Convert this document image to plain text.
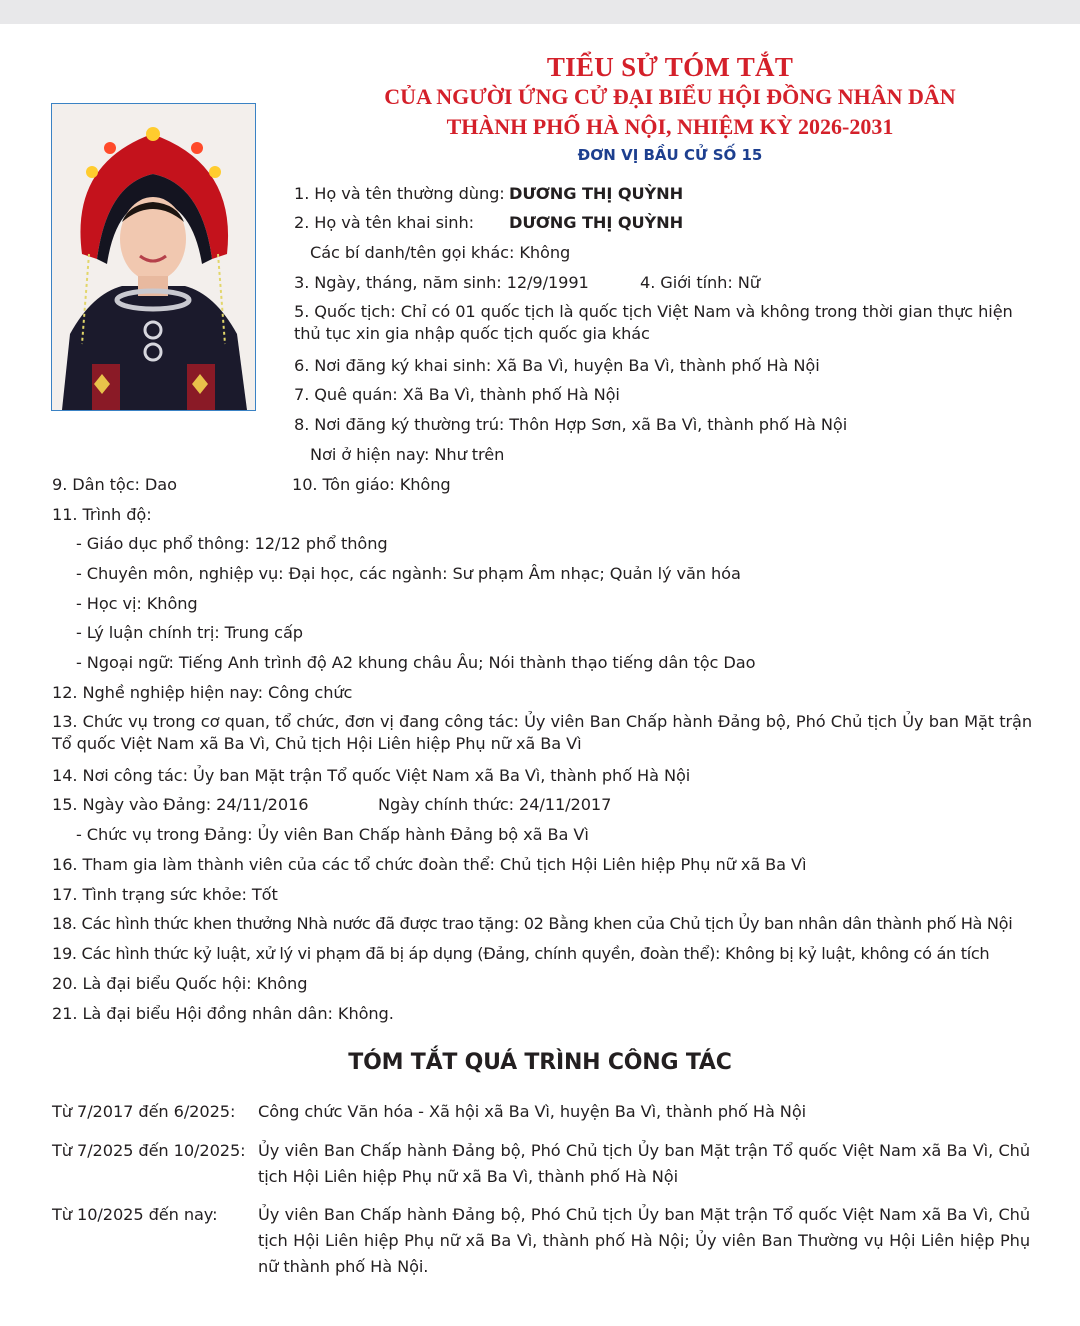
TIỂU SỬ TÓM TẮT
CỦA NGƯỜI ỨNG CỬ ĐẠI BIỂU HỘI ĐỒNG NHÂN DÂN
THÀNH PHỐ HÀ NỘI, NHIỆM KỲ 2026-2031
ĐƠN VỊ BẦU CỬ SỐ 15
1. Họ và tên thường dùng: DƯƠNG THỊ QUỲNH
2. Họ và tên khai sinh: DƯƠNG THỊ QUỲNH
Các bí danh/tên gọi khác: Không
3. Ngày, tháng, năm sinh: 12/9/1991	4. Giới tính: Nữ
5. Quốc tịch: Chỉ có 01 quốc tịch là quốc tịch Việt Nam và không trong thời gian thực hiện thủ tục xin gia nhập quốc tịch quốc gia khác
6. Nơi đăng ký khai sinh: Xã Ba Vì, huyện Ba Vì, thành phố Hà Nội
7. Quê quán: Xã Ba Vì, thành phố Hà Nội
8. Nơi đăng ký thường trú: Thôn Hợp Sơn, xã Ba Vì, thành phố Hà Nội
Nơi ở hiện nay: Như trên
9. Dân tộc: Dao	10. Tôn giáo: Không
11. Trình độ:
- Giáo dục phổ thông: 12/12 phổ thông
- Chuyên môn, nghiệp vụ: Đại học, các ngành: Sư phạm Âm nhạc; Quản lý văn hóa
- Học vị: Không
- Lý luận chính trị: Trung cấp
- Ngoại ngữ: Tiếng Anh trình độ A2 khung châu Âu; Nói thành thạo tiếng dân tộc Dao
12. Nghề nghiệp hiện nay: Công chức
13. Chức vụ trong cơ quan, tổ chức, đơn vị đang công tác: Ủy viên Ban Chấp hành Đảng bộ, Phó Chủ tịch Ủy ban Mặt trận Tổ quốc Việt Nam xã Ba Vì, Chủ tịch Hội Liên hiệp Phụ nữ xã Ba Vì
14. Nơi công tác: Ủy ban Mặt trận Tổ quốc Việt Nam xã Ba Vì, thành phố Hà Nội
15. Ngày vào Đảng: 24/11/2016	Ngày chính thức: 24/11/2017
- Chức vụ trong Đảng: Ủy viên Ban Chấp hành Đảng bộ xã Ba Vì
16. Tham gia làm thành viên của các tổ chức đoàn thể: Chủ tịch Hội Liên hiệp Phụ nữ xã Ba Vì
17. Tình trạng sức khỏe: Tốt
18. Các hình thức khen thưởng Nhà nước đã được trao tặng: 02 Bằng khen của Chủ tịch Ủy ban nhân dân thành phố Hà Nội
19. Các hình thức kỷ luật, xử lý vi phạm đã bị áp dụng (Đảng, chính quyền, đoàn thể): Không bị kỷ luật, không có án tích
20. Là đại biểu Quốc hội: Không
21. Là đại biểu Hội đồng nhân dân: Không.
TÓM TẮT QUÁ TRÌNH CÔNG TÁC
Từ 7/2017 đến 6/2025: Công chức Văn hóa - Xã hội xã Ba Vì, huyện Ba Vì, thành phố Hà Nội
Từ 7/2025 đến 10/2025: Ủy viên Ban Chấp hành Đảng bộ, Phó Chủ tịch Ủy ban Mặt trận Tổ quốc Việt Nam xã Ba Vì, Chủ tịch Hội Liên hiệp Phụ nữ xã Ba Vì, thành phố Hà Nội
Từ 10/2025 đến nay:	Ủy viên Ban Chấp hành Đảng bộ, Phó Chủ tịch Ủy ban Mặt trận Tổ quốc Việt Nam xã Ba Vì, Chủ tịch Hội Liên hiệp Phụ nữ xã Ba Vì, thành phố Hà Nội; Ủy viên Ban Thường vụ Hội Liên hiệp Phụ nữ thành phố Hà Nội.
